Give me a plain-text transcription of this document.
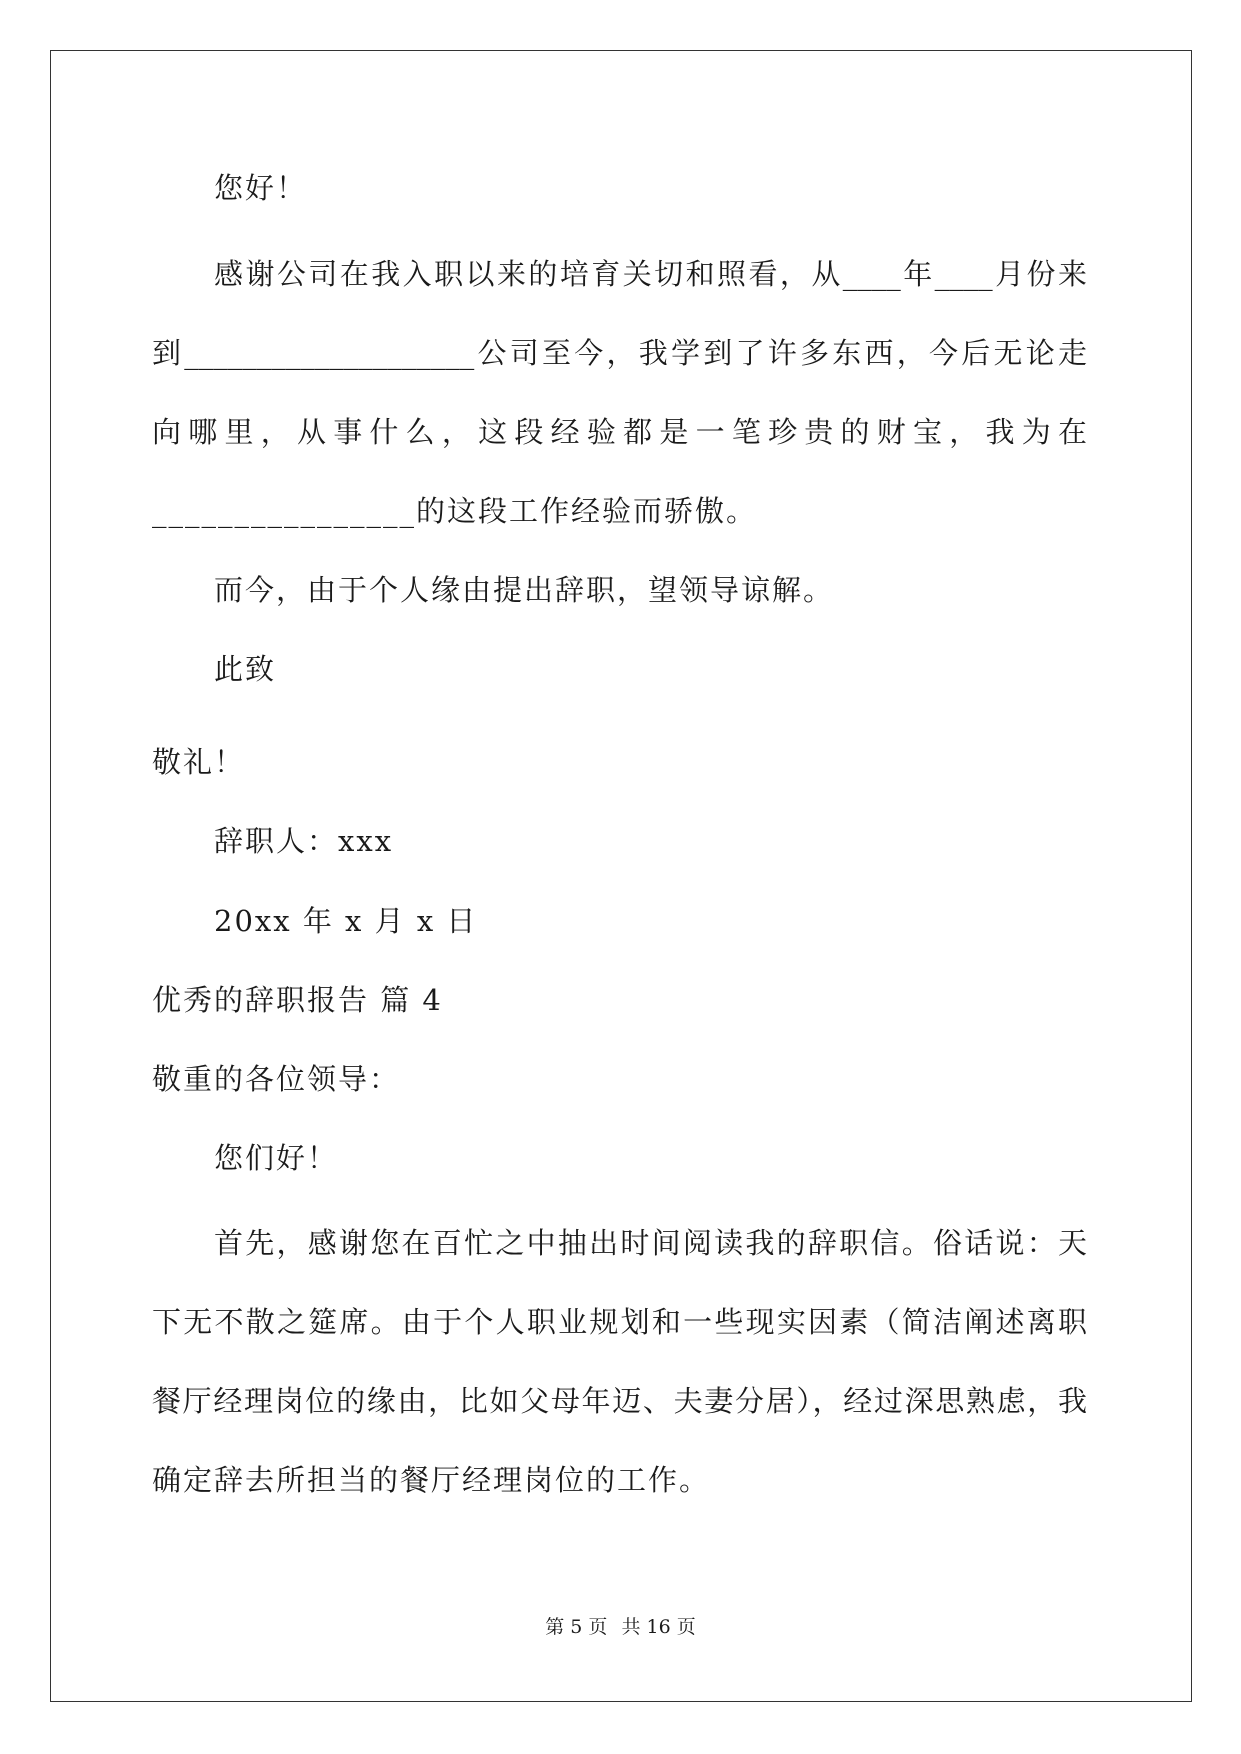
您好！
感谢公司在我入职以来的培育关切和照看，从____年____月份来
到____________________公司至今，我学到了许多东西，今后无论走
向哪里，从事什么，这段经验都是一笔珍贵的财宝，我为在
________________的这段工作经验而骄傲。
而今，由于个人缘由提出辞职，望领导谅解。
此致
敬礼！
辞职人：xxx
20xx 年 x 月 x 日
优秀的辞职报告 篇 4
敬重的各位领导：
您们好！
首先，感谢您在百忙之中抽出时间阅读我的辞职信。俗话说：天
下无不散之筵席。由于个人职业规划和一些现实因素（简洁阐述离职
餐厅经理岗位的缘由，比如父母年迈、夫妻分居），经过深思熟虑，我
确定辞去所担当的餐厅经理岗位的工作。
第 5 页 共 16 页
